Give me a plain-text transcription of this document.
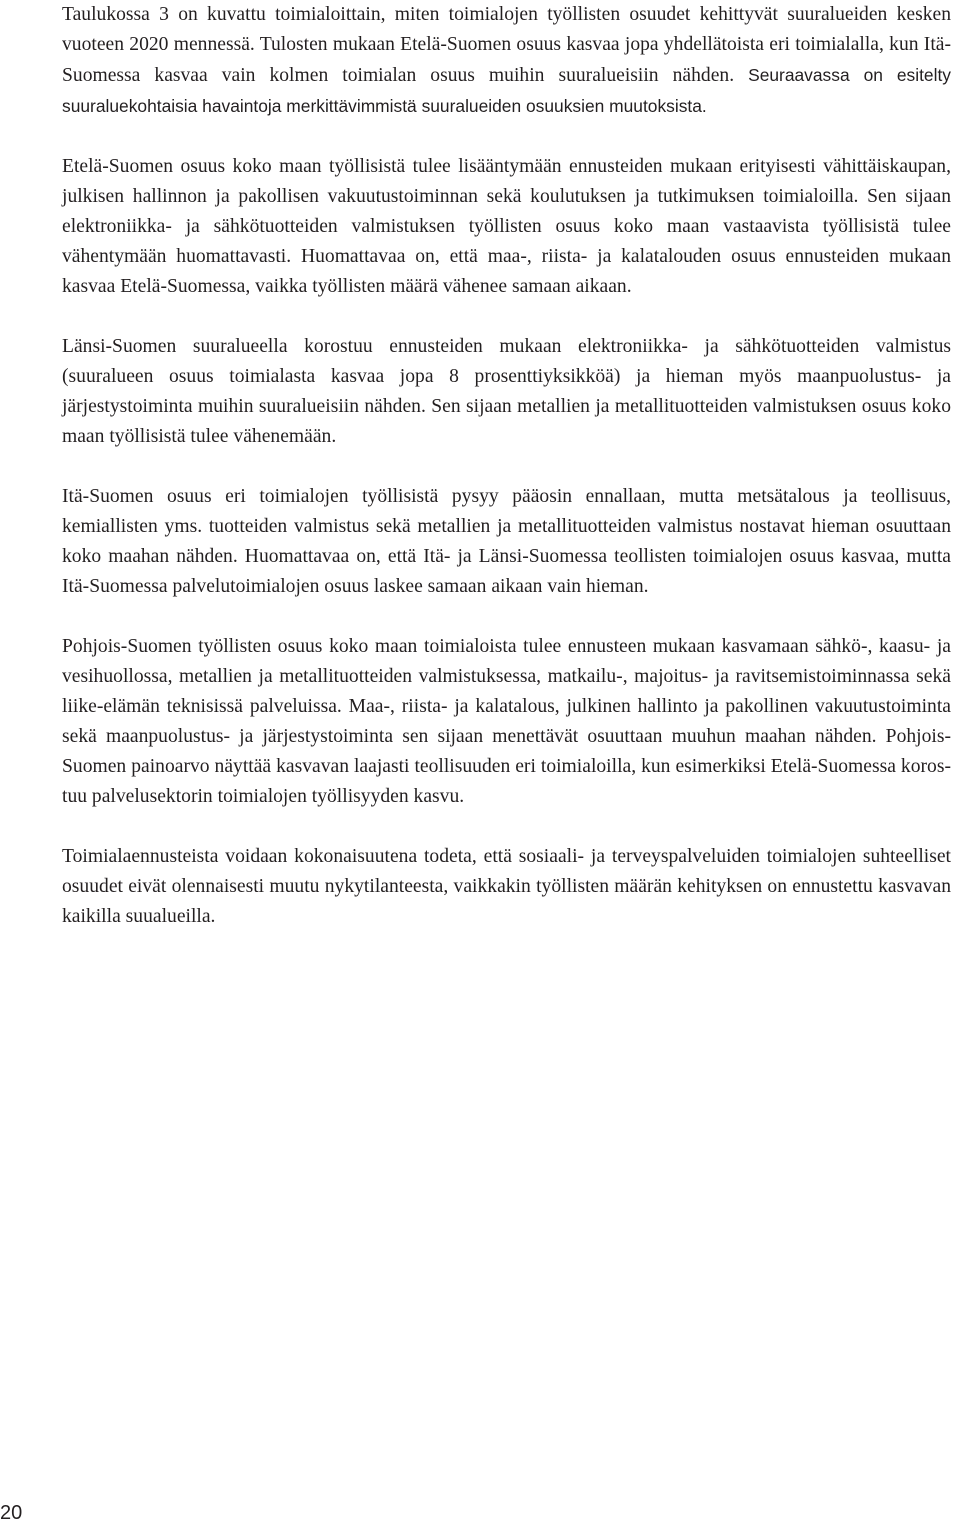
Taulukossa 3 on kuvattu toimialoittain, miten toimialojen työllisten osuudet kehittyvät suuralueiden kesken vuoteen 2020 mennessä. Tulosten mukaan Etelä-Suomen osuus kasvaa jopa yhdellätoista eri toimialalla, kun Itä-Suomessa kasvaa vain kolmen toimialan osuus muihin suuralueisiin nähden. Seuraavassa on esitelty suuraluekohtaisia havaintoja merkittävimmistä suuralueiden osuuksien muutoksista.

Etelä-Suomen osuus koko maan työllisistä tulee lisääntymään ennusteiden mukaan erityisesti vähittäiskaupan, julkisen hallinnon ja pakollisen vakuutustoiminnan sekä koulutuksen ja tutkimuksen toimialoilla. Sen sijaan elektroniikka- ja sähkötuotteiden valmistuksen työllisten osuus koko maan vastaavista työllisistä tulee vähentymään huomattavasti. Huomattavaa on, että maa-, riista- ja kalatalouden osuus ennusteiden mukaan kasvaa Etelä-Suomessa, vaikka työllisten määrä vähenee samaan aikaan.

Länsi-Suomen suuralueella korostuu ennusteiden mukaan elektroniikka- ja sähkötuotteiden valmistus (suuralueen osuus toimialasta kasvaa jopa 8 prosenttiyksikköä) ja hieman myös maanpuolustus- ja järjestystoiminta muihin suuralueisiin nähden. Sen sijaan metallien ja metallituotteiden valmistuksen osuus koko maan työllisistä tulee vähenemään.

Itä-Suomen osuus eri toimialojen työllisistä pysyy pääosin ennallaan, mutta metsätalous ja teollisuus, kemiallisten yms. tuotteiden valmistus sekä metallien ja metallituotteiden valmistus nostavat hieman osuuttaan koko maahan nähden. Huomattavaa on, että Itä- ja Länsi-Suomessa teollisten toimialojen osuus kasvaa, mutta Itä-Suomessa palvelutoimialojen osuus laskee samaan aikaan vain hieman.

Pohjois-Suomen työllisten osuus koko maan toimialoista tulee ennusteen mukaan kasvamaan sähkö-, kaasu- ja vesihuollossa, metallien ja metallituotteiden valmistuksessa, matkailu-, majoitus- ja ravitsemistoiminnassa sekä liike-elämän teknisissä palveluissa. Maa-, riista- ja kalatalous, julkinen hallinto ja pakollinen vakuutustoiminta sekä maanpuolustus- ja järjestystoiminta sen sijaan menettävät osuuttaan muuhun maahan nähden. Pohjois-Suomen painoarvo näyttää kasvavan laajasti teollisuuden eri toimialoilla, kun esimerkiksi Etelä-Suomessa korostuu palvelusektorin toimialojen työllisyyden kasvu.

Toimialaennusteista voidaan kokonaisuutena todeta, että sosiaali- ja terveyspalveluiden toimialojen suhteelliset osuudet eivät olennaisesti muutu nykytilanteesta, vaikkakin työllisten määrän kehityksen on ennustettu kasvavan kaikilla suualueilla.

20
